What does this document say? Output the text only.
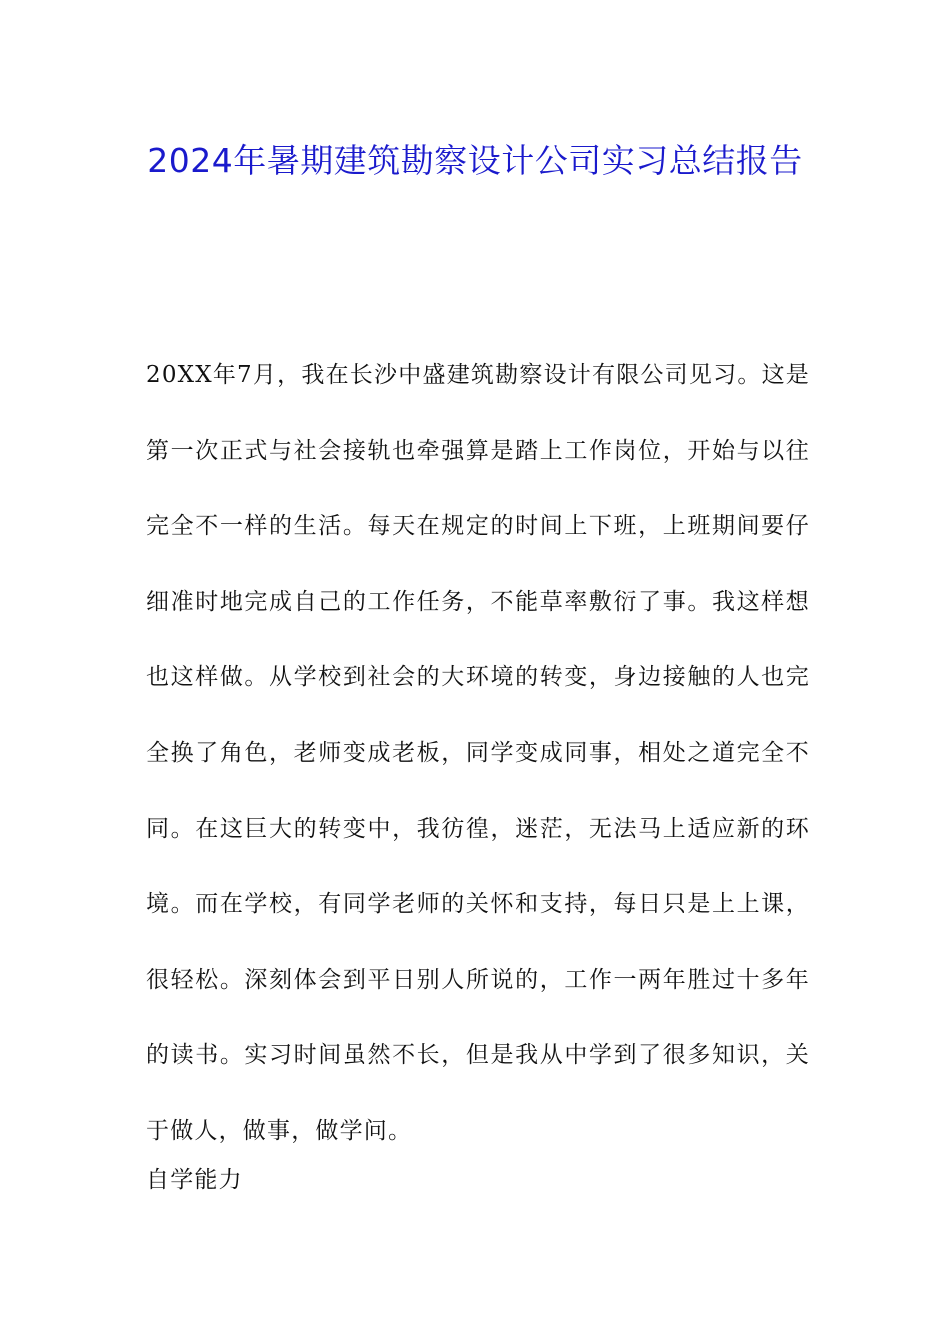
2024年暑期建筑勘察设计公司实习总结报告

20XX年7月，我在长沙中盛建筑勘察设计有限公司见习。这是第一次正式与社会接轨也牵强算是踏上工作岗位，开始与以往完全不一样的生活。每天在规定的时间上下班，上班期间要仔细准时地完成自己的工作任务，不能草率敷衍了事。我这样想也这样做。从学校到社会的大环境的转变，身边接触的人也完全换了角色，老师变成老板，同学变成同事，相处之道完全不同。在这巨大的转变中，我彷徨，迷茫，无法马上适应新的环境。而在学校，有同学老师的关怀和支持，每日只是上上课，很轻松。深刻体会到平日别人所说的，工作一两年胜过十多年的读书。实习时间虽然不长，但是我从中学到了很多知识，关于做人，做事，做学问。

自学能力
